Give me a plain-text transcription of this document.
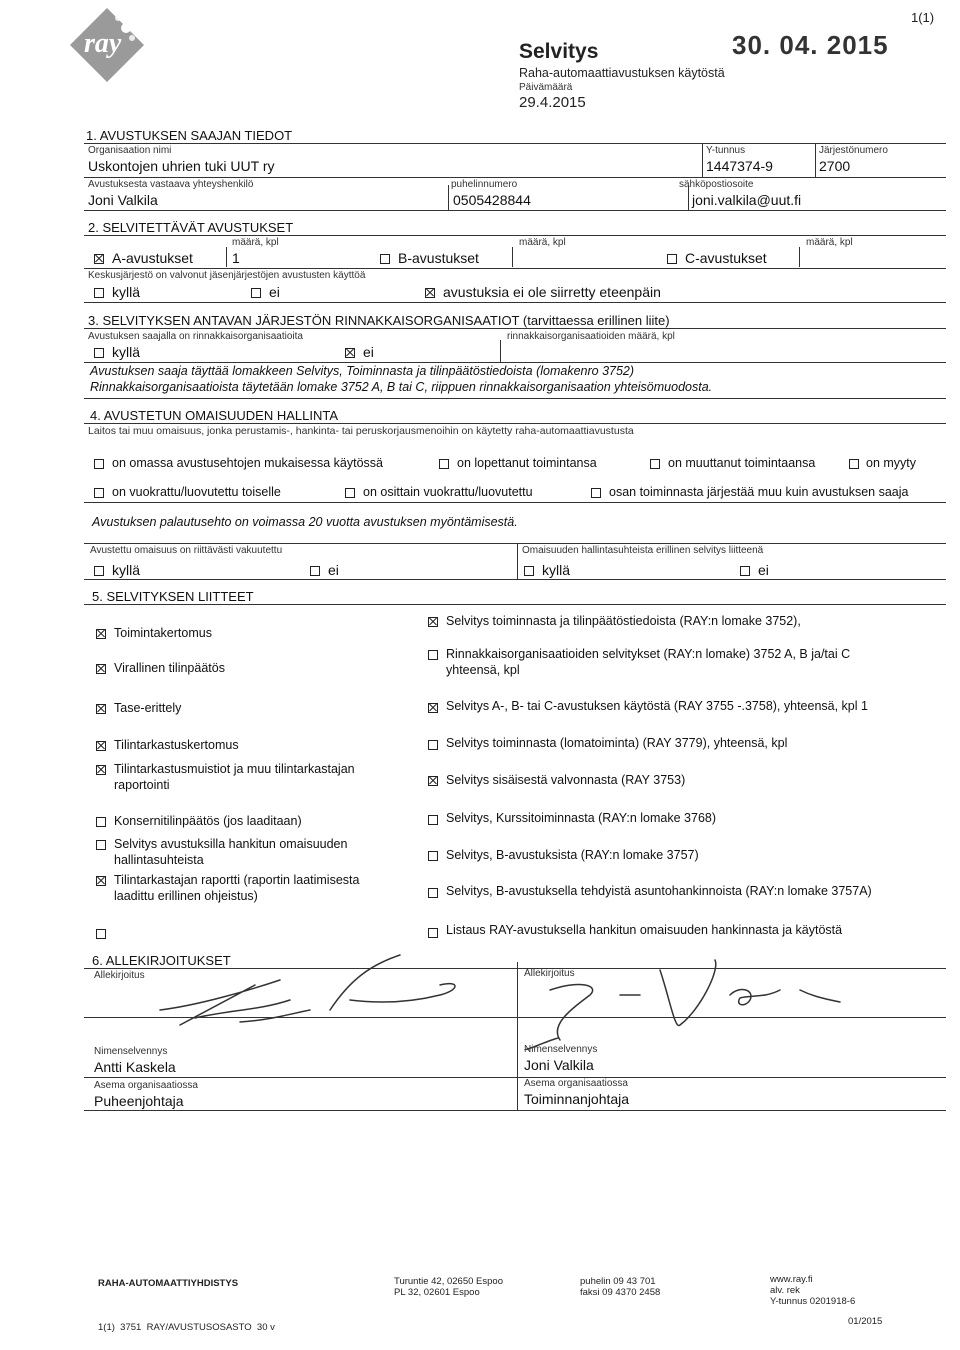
ray
1(1)
Selvitys
Raha-automaattiavustuksen käytöstä
Päivämäärä
29.4.2015
30. 04. 2015
1. AVUSTUKSEN SAAJAN TIEDOT
Organisaation nimi
Uskontojen uhrien tuki UUT ry
Y-tunnus
1447374-9
Järjestönumero
2700
Avustuksesta vastaava yhteyshenkilö
Joni Valkila
puhelinnumero
0505428844
sähköpostiosoite
joni.valkila@uut.fi
2. SELVITETTÄVÄT AVUSTUKSET
määrä, kpl	määrä, kpl	määrä, kpl
A-avustukset	1	B-avustukset	C-avustukset
Keskusjärjestö on valvonut jäsenjärjestöjen avustusten käyttöä
kyllä	ei	avustuksia ei ole siirretty eteenpäin
3. SELVITYKSEN ANTAVAN JÄRJESTÖN RINNAKKAISORGANISAATIOT (tarvittaessa erillinen liite)
Avustuksen saajalla on rinnakkaisorganisaatioita	rinnakkaisorganisaatioiden määrä, kpl
kyllä	ei
Avustuksen saaja täyttää lomakkeen Selvitys, Toiminnasta ja tilinpäätöstiedoista (lomakenro 3752)
Rinnakkaisorganisaatioista täytetään lomake 3752 A, B tai C, riippuen rinnakkaisorganisaation yhteisömuodosta.
4. AVUSTETUN OMAISUUDEN HALLINTA
Laitos tai muu omaisuus, jonka perustamis-, hankinta- tai peruskorjausmenoihin on käytetty raha-automaattiavustusta
on omassa avustusehtojen mukaisessa käytössä	on lopettanut toimintansa	on muuttanut toimintaansa	on myyty
on vuokrattu/luovutettu toiselle	on osittain vuokrattu/luovutettu	osan toiminnasta järjestää muu kuin avustuksen saaja
Avustuksen palautusehto on voimassa 20 vuotta avustuksen myöntämisestä.
Avustettu omaisuus on riittävästi vakuutettu
kyllä	ei
Omaisuuden hallintasuhteista erillinen selvitys liitteenä
kyllä	ei
5. SELVITYKSEN LIITTEET
Toimintakertomus
Virallinen tilinpäätös
Tase-erittely
Tilintarkastuskertomus
Tilintarkastusmuistiot ja muu tilintarkastajan
raportointi
Konsernitilinpäätös (jos laaditaan)
Selvitys avustuksilla hankitun omaisuuden
hallintasuhteista
Tilintarkastajan raportti (raportin laatimisesta
laadittu erillinen ohjeistus)
Selvitys toiminnasta ja tilinpäätöstiedoista (RAY:n lomake 3752),
Rinnakkaisorganisaatioiden selvitykset (RAY:n lomake) 3752 A, B ja/tai C
yhteensä, kpl
Selvitys A-, B- tai C-avustuksen käytöstä (RAY 3755 -.3758), yhteensä, kpl 1
Selvitys toiminnasta (lomatoiminta) (RAY 3779), yhteensä, kpl
Selvitys sisäisestä valvonnasta (RAY 3753)
Selvitys, Kurssitoiminnasta (RAY:n lomake 3768)
Selvitys, B-avustuksista (RAY:n lomake 3757)
Selvitys, B-avustuksella tehdyistä asuntohankinnoista (RAY:n lomake 3757A)
Listaus RAY-avustuksella hankitun omaisuuden hankinnasta ja käytöstä
6. ALLEKIRJOITUKSET
Allekirjoitus	Allekirjoitus
Nimenselvennys
Antti Kaskela
Nimenselvennys
Joni Valkila
Asema organisaatiossa
Puheenjohtaja
Asema organisaatiossa
Toiminnanjohtaja
RAHA-AUTOMAATTIYHDISTYS	Turuntie 42, 02650 Espoo
PL 32, 02601 Espoo
puhelin 09 43 701
faksi 09 4370 2458
www.ray.fi
alv. rek
Y-tunnus 0201918-6
1(1)  3751  RAY/AVUSTUSOSASTO  30 v
01/2015
